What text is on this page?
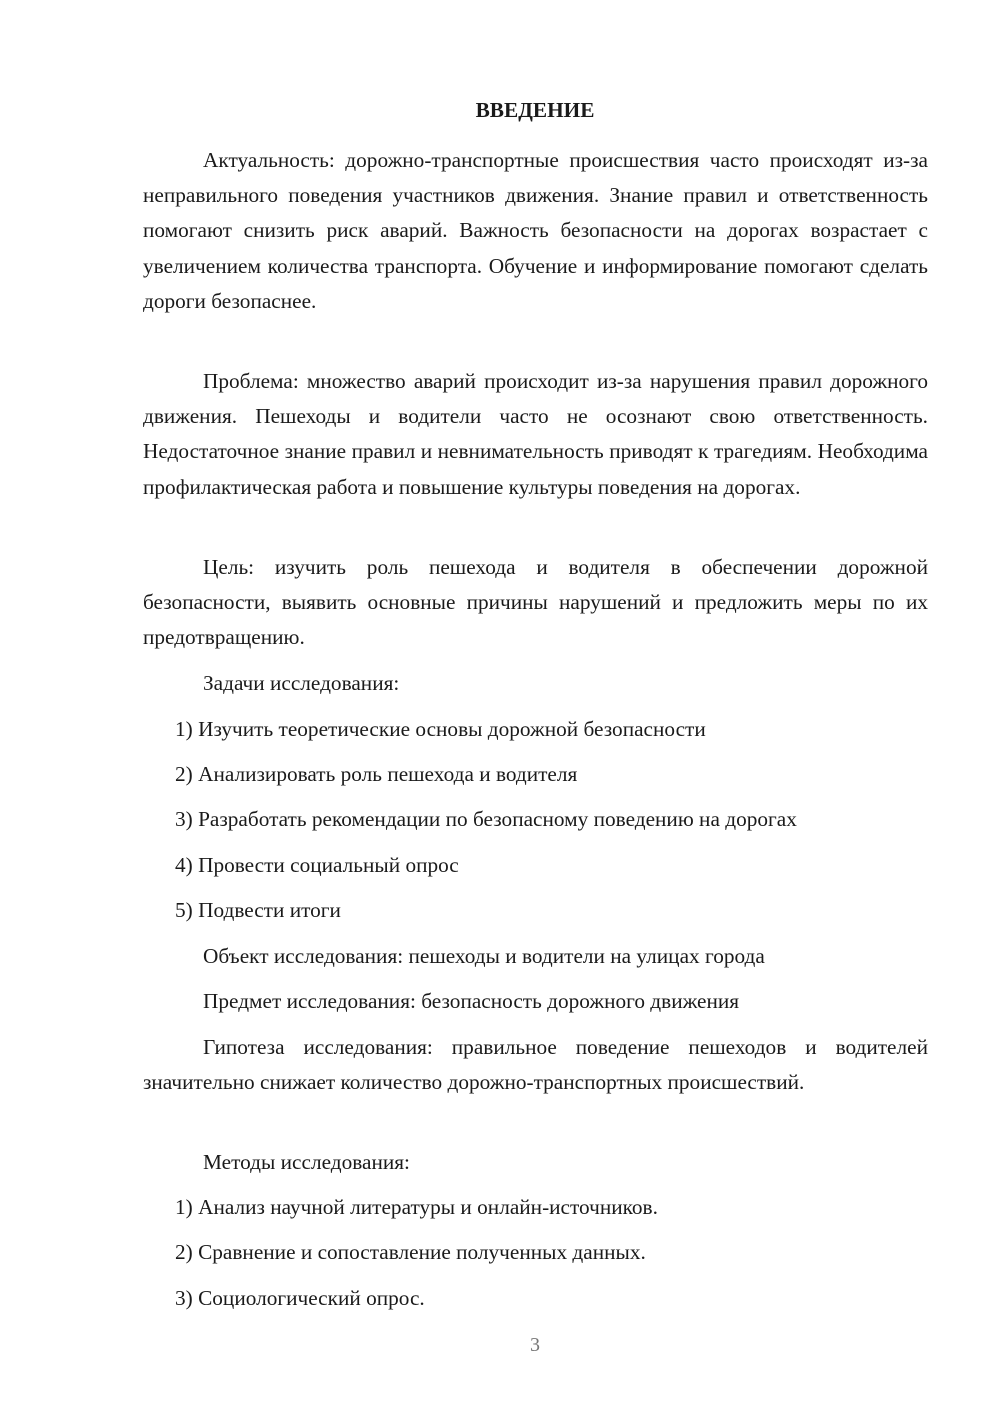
ВВЕДЕНИЕ

Актуальность: дорожно-транспортные происшествия часто происходят из-за неправильного поведения участников движения. Знание правил и ответственность помогают снизить риск аварий. Важность безопасности на дорогах возрастает с увеличением количества транспорта. Обучение и информирование помогают сделать дороги безопаснее.

Проблема: множество аварий происходит из-за нарушения правил дорожного движения. Пешеходы и водители часто не осознают свою ответственность. Недостаточное знание правил и невнимательность приводят к трагедиям. Необходима профилактическая работа и повышение культуры поведения на дорогах.

Цель: изучить роль пешехода и водителя в обеспечении дорожной безопасности, выявить основные причины нарушений и предложить меры по их предотвращению.

Задачи исследования:

1) Изучить теоретические основы дорожной безопасности

2) Анализировать роль пешехода и водителя

3) Разработать рекомендации по безопасному поведению на дорогах

4) Провести социальный опрос

5) Подвести итоги

Объект исследования: пешеходы и водители на улицах города

Предмет исследования: безопасность дорожного движения

Гипотеза исследования: правильное поведение пешеходов и водителей значительно снижает количество дорожно-транспортных происшествий.

Методы исследования:

1) Анализ научной литературы и онлайн-источников.

2) Сравнение и сопоставление полученных данных.

3) Социологический опрос.

3
